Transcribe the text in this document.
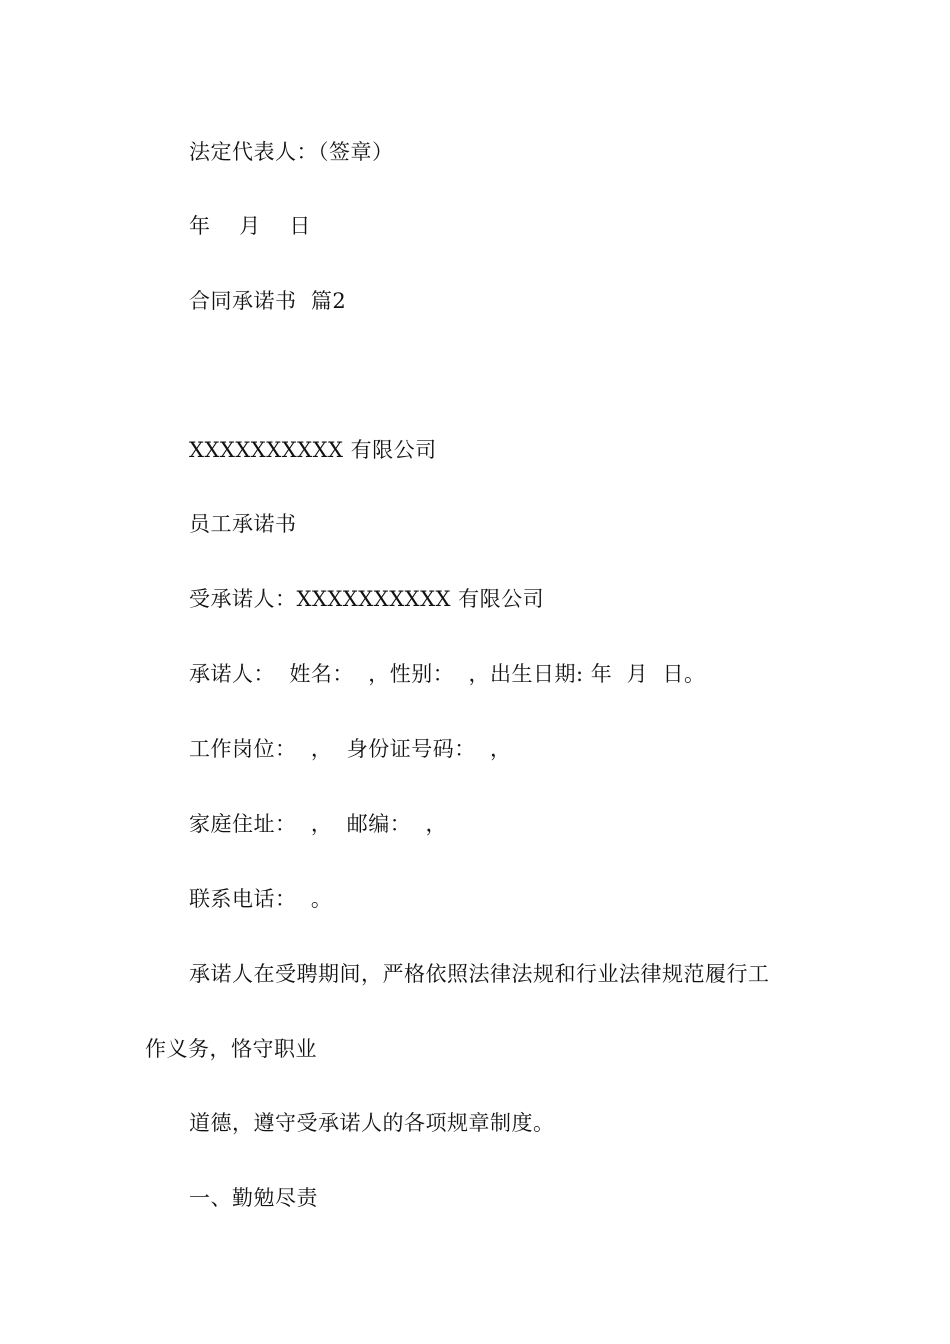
法定代表人：（签章）
年    月    日
合同承诺书  篇2
XXXXXXXXXX 有限公司
员工承诺书
受承诺人：XXXXXXXXXX 有限公司
承诺人：  姓名：  ，性别：  ，出生日期: 年  月  日。
工作岗位：  ，  身份证号码：  ，
家庭住址：  ，  邮编：  ，
联系电话：  。
承诺人在受聘期间，严格依照法律法规和行业法律规范履行工
作义务，恪守职业
道德，遵守受承诺人的各项规章制度。
一、勤勉尽责
